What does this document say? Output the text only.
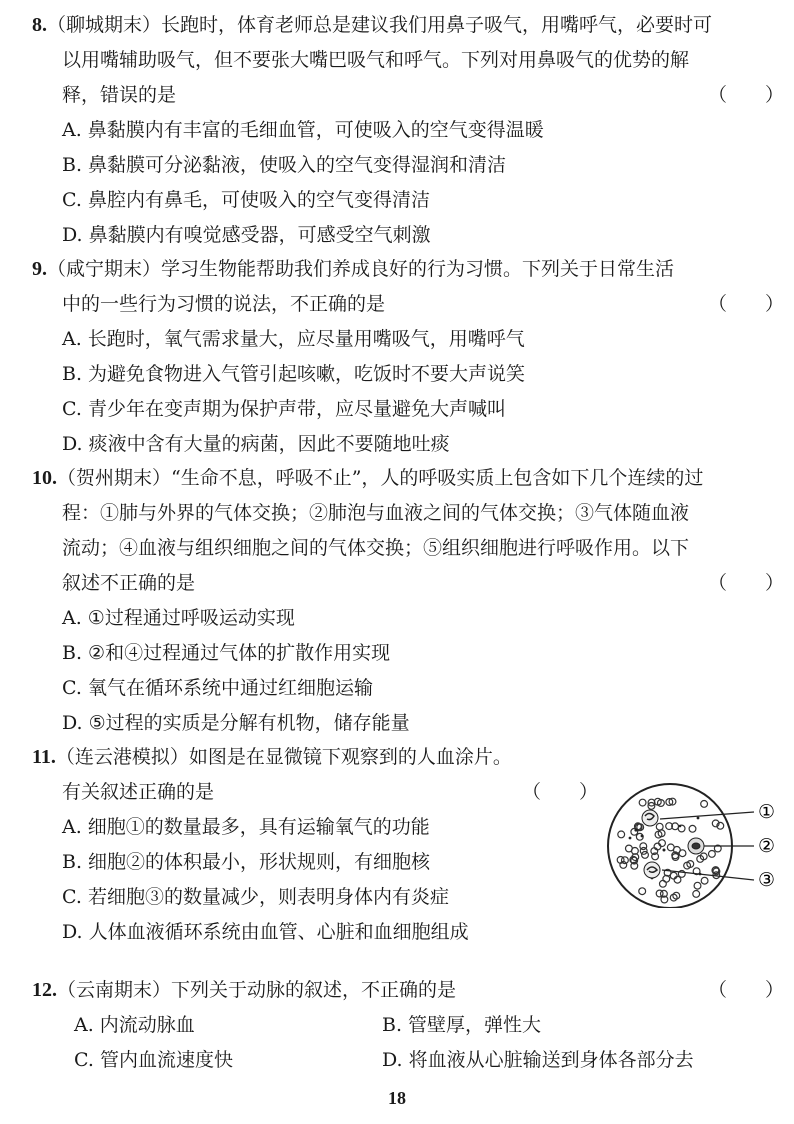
8.（聊城期末）长跑时，体育老师总是建议我们用鼻子吸气，用嘴呼气，必要时可
以用嘴辅助吸气，但不要张大嘴巴吸气和呼气。下列对用鼻吸气的优势的解
释，错误的是	（　　）
A. 鼻黏膜内有丰富的毛细血管，可使吸入的空气变得温暖
B. 鼻黏膜可分泌黏液，使吸入的空气变得湿润和清洁
C. 鼻腔内有鼻毛，可使吸入的空气变得清洁
D. 鼻黏膜内有嗅觉感受器，可感受空气刺激
9.（咸宁期末）学习生物能帮助我们养成良好的行为习惯。下列关于日常生活
中的一些行为习惯的说法，不正确的是	（　　）
A. 长跑时，氧气需求量大，应尽量用嘴吸气，用嘴呼气
B. 为避免食物进入气管引起咳嗽，吃饭时不要大声说笑
C. 青少年在变声期为保护声带，应尽量避免大声喊叫
D. 痰液中含有大量的病菌，因此不要随地吐痰
10.（贺州期末）“生命不息，呼吸不止”，人的呼吸实质上包含如下几个连续的过
程：①肺与外界的气体交换；②肺泡与血液之间的气体交换；③气体随血液
流动；④血液与组织细胞之间的气体交换；⑤组织细胞进行呼吸作用。以下
叙述不正确的是	（　　）
A. ①过程通过呼吸运动实现
B. ②和④过程通过气体的扩散作用实现
C. 氧气在循环系统中通过红细胞运输
D. ⑤过程的实质是分解有机物，储存能量
11.（连云港模拟）如图是在显微镜下观察到的人血涂片。
有关叙述正确的是	（　　）
A. 细胞①的数量最多，具有运输氧气的功能
B. 细胞②的体积最小，形状规则，有细胞核
C. 若细胞③的数量减少，则表明身体内有炎症
D. 人体血液循环系统由血管、心脏和血细胞组成
①
②
③
12.（云南期末）下列关于动脉的叙述，不正确的是	（　　）
A. 内流动脉血	B. 管壁厚，弹性大
C. 管内血流速度快	D. 将血液从心脏输送到身体各部分去
18
